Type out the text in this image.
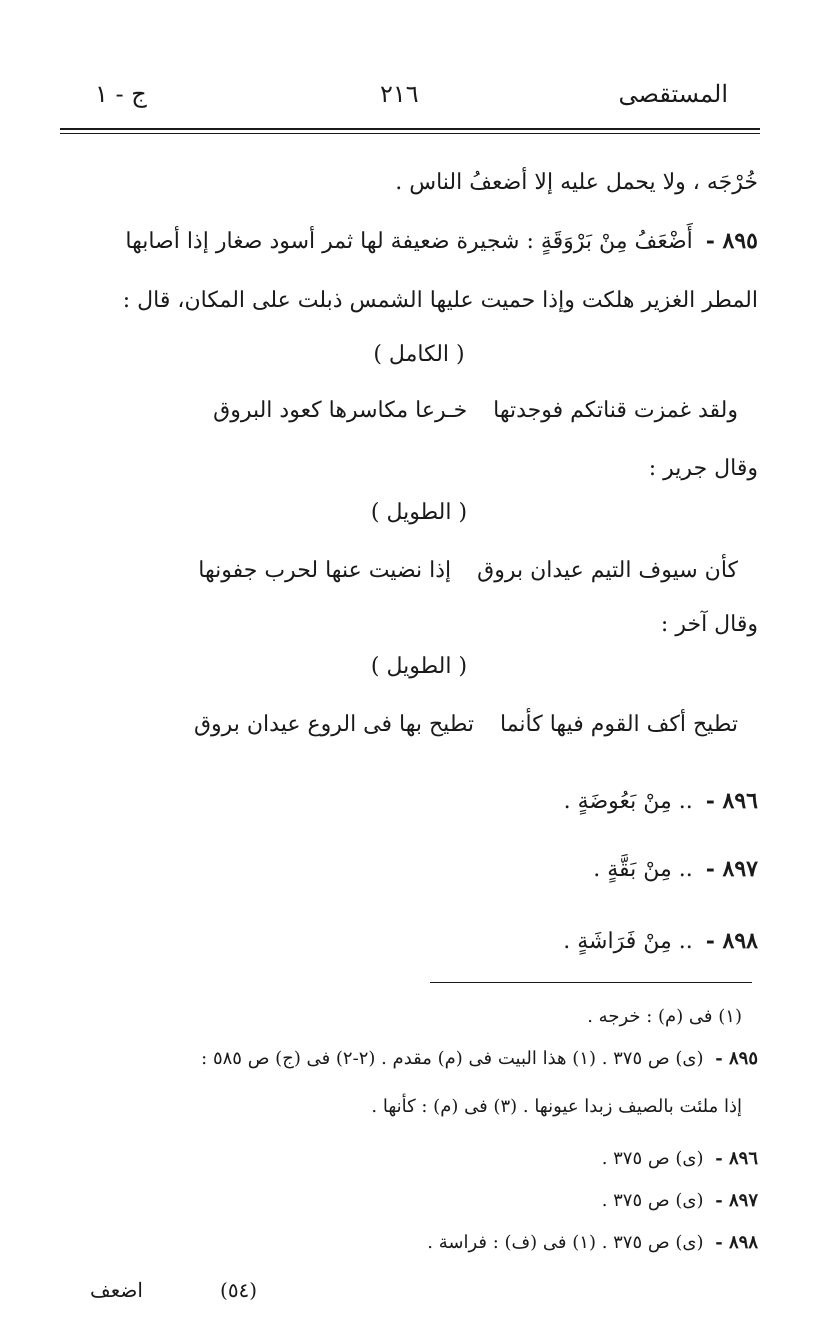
المستقصى
٢١٦
ج - ١
خُرْجَه ، ولا يحمل عليه إلا أضعفُ الناس .
٨٩٥ - أَضْعَفُ مِنْ بَرْوَقَةٍ : شجيرة ضعيفة لها ثمر أسود صغار إذا أصابها
المطر الغزير هلكت وإذا حميت عليها الشمس ذبلت على المكان، قال :
( الكامل )
ولقد غمزت قناتكم فوجدتهاخـرعا مكاسرها كعود البروق
وقال جرير :
( الطويل )
كأن سيوف التيم عيدان بروقإذا نضيت عنها لحرب جفونها
وقال آخر :
( الطويل )
تطيح أكف القوم فيها كأنماتطيح بها فى الروع عيدان بروق
٨٩٦ - .. مِنْ بَعُوضَةٍ .
٨٩٧ - .. مِنْ بَقَّةٍ .
٨٩٨ - .. مِنْ فَرَاشَةٍ .
(١) فى (م) : خرجه .
٨٩٥ - (ى) ص ٣٧٥ . (١) هذا البيت فى (م) مقدم . (٢-٢) فى (ج) ص ٥٨٥ :
إذا ملئت بالصيف زبدا عيونها . (٣) فى (م) : كأنها .
٨٩٦ - (ى) ص ٣٧٥ .
٨٩٧ - (ى) ص ٣٧٥ .
٨٩٨ - (ى) ص ٣٧٥ . (١) فى (ف) : فراسة .
(٥٤)
اضعف
